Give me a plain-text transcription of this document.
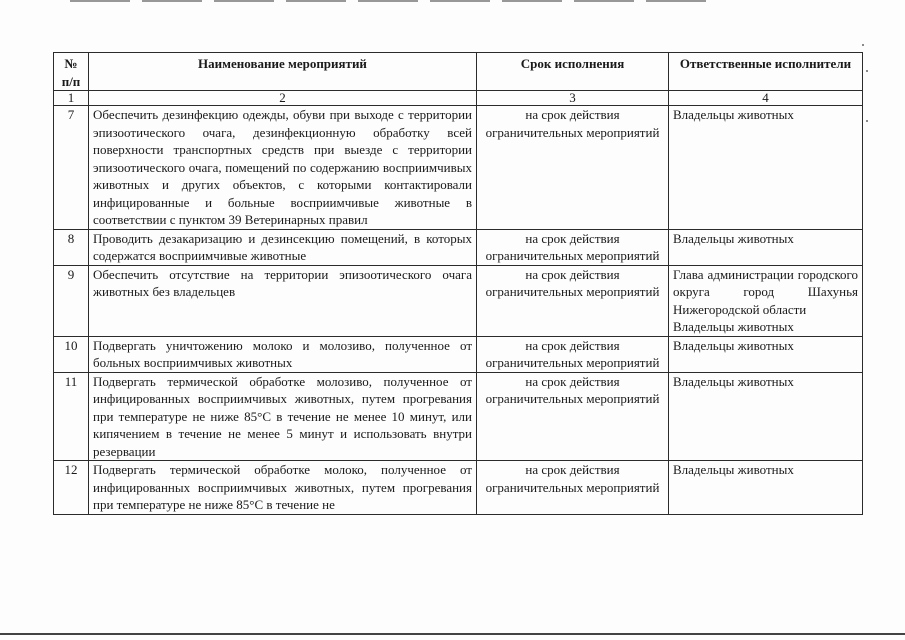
№ п/п	Наименование мероприятий	Срок исполнения	Ответственные исполнители
1	2	3	4
7	Обеспечить дезинфекцию одежды, обуви при выходе с территории эпизоотического очага, дезинфекционную обработку всей поверхности транспортных средств при выезде с территории эпизоотического очага, помещений по содержанию восприимчивых животных и других объектов, с которыми контактировали инфицированные и больные восприимчивые животные в соответствии с пунктом 39 Ветеринарных правил	на срок действия ограничительных мероприятий	Владельцы животных
8	Проводить дезакаризацию и дезинсекцию помещений, в которых содержатся восприимчивые животные	на срок действия ограничительных мероприятий	Владельцы животных
9	Обеспечить отсутствие на территории эпизоотического очага животных без владельцев	на срок действия ограничительных мероприятий	Глава администрации городского округа город Шахунья Нижегородской области
Владельцы животных

10	Подвергать уничтожению молоко и молозиво, полученное от больных восприимчивых животных	на срок действия ограничительных мероприятий	Владельцы животных
11	Подвергать термической обработке молозиво, полученное от инфицированных восприимчивых животных, путем прогревания при температуре не ниже 85°С в течение не менее 10 минут, или кипячением в течение не менее 5 минут и использовать внутри резервации	на срок действия ограничительных мероприятий	Владельцы животных
12	Подвергать термической обработке молоко, полученное от инфицированных восприимчивых животных, путем прогревания при температуре не ниже 85°С в течение не	на срок действия ограничительных мероприятий	Владельцы животных
